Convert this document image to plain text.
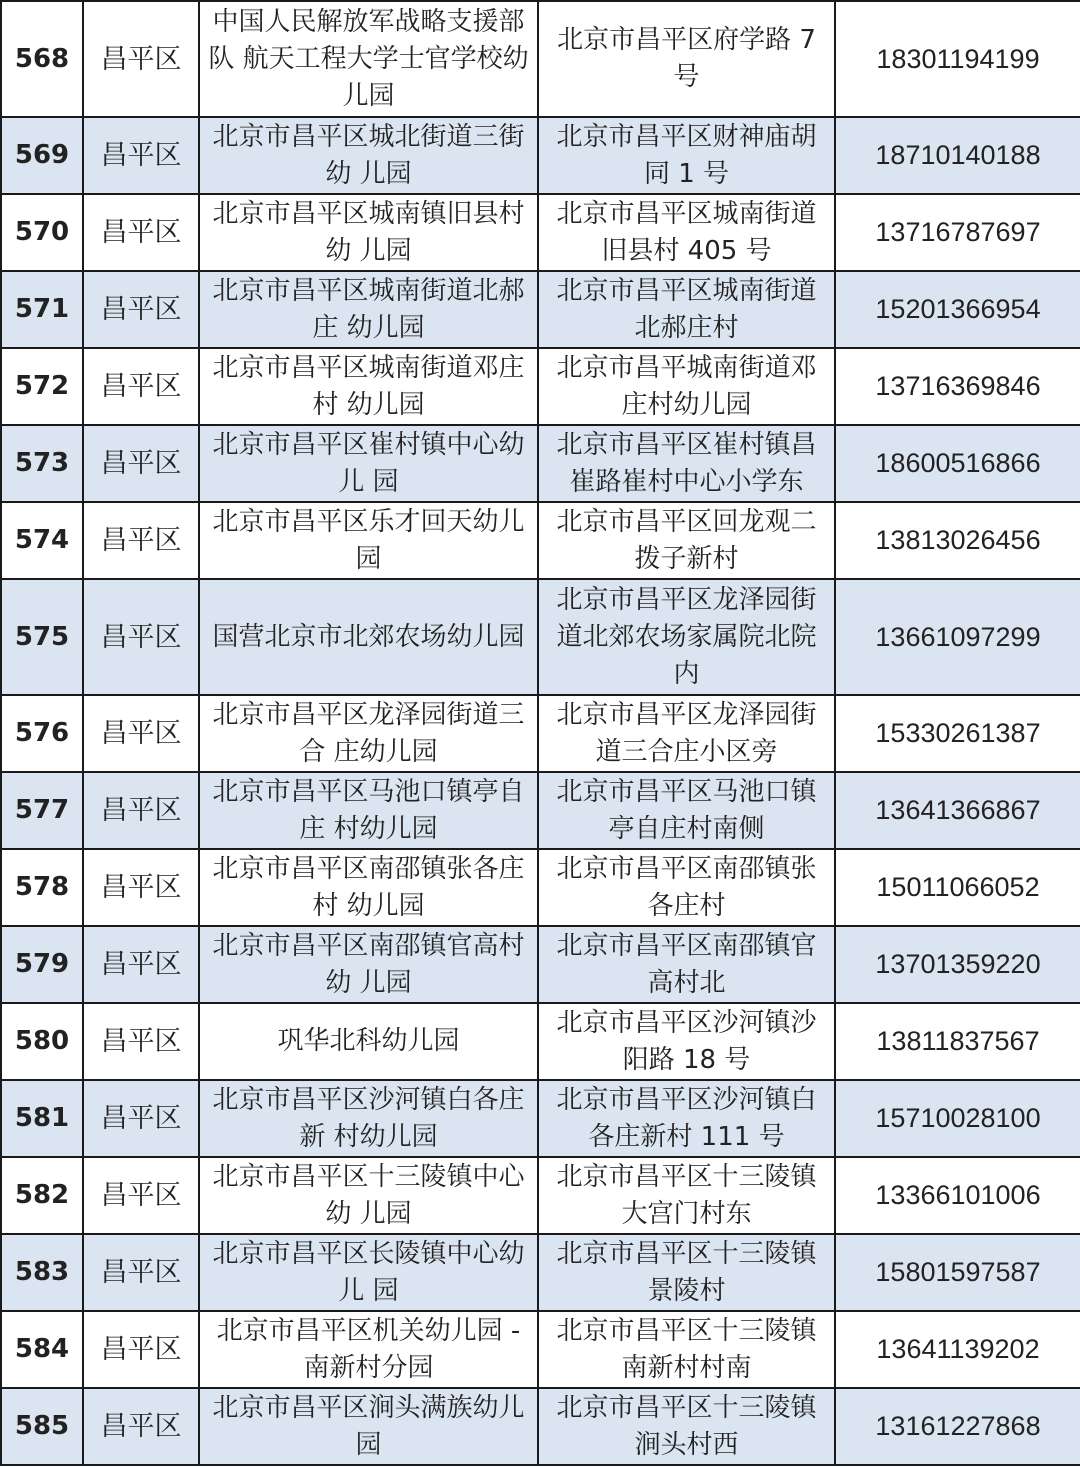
568	昌平区	中国人民解放军战略支援部队 航天工程大学士官学校幼儿园	北京市昌平区府学路 7 号	18301194199
569	昌平区	北京市昌平区城北街道三街幼 儿园	北京市昌平区财神庙胡同 1 号	18710140188
570	昌平区	北京市昌平区城南镇旧县村幼 儿园	北京市昌平区城南街道旧县村 405 号	13716787697
571	昌平区	北京市昌平区城南街道北郝庄 幼儿园	北京市昌平区城南街道北郝庄村	15201366954
572	昌平区	北京市昌平区城南街道邓庄村 幼儿园	北京市昌平城南街道邓庄村幼儿园	13716369846
573	昌平区	北京市昌平区崔村镇中心幼儿 园	北京市昌平区崔村镇昌崔路崔村中心小学东	18600516866
574	昌平区	北京市昌平区乐才回天幼儿园	北京市昌平区回龙观二拨子新村	13813026456
575	昌平区	国营北京市北郊农场幼儿园	北京市昌平区龙泽园街道北郊农场家属院北院内	13661097299
576	昌平区	北京市昌平区龙泽园街道三合 庄幼儿园	北京市昌平区龙泽园街道三合庄小区旁	15330261387
577	昌平区	北京市昌平区马池口镇亭自庄 村幼儿园	北京市昌平区马池口镇亭自庄村南侧	13641366867
578	昌平区	北京市昌平区南邵镇张各庄村 幼儿园	北京市昌平区南邵镇张各庄村	15011066052
579	昌平区	北京市昌平区南邵镇官高村幼 儿园	北京市昌平区南邵镇官高村北	13701359220
580	昌平区	巩华北科幼儿园	北京市昌平区沙河镇沙阳路 18 号	13811837567
581	昌平区	北京市昌平区沙河镇白各庄新 村幼儿园	北京市昌平区沙河镇白各庄新村 111 号	15710028100
582	昌平区	北京市昌平区十三陵镇中心幼 儿园	北京市昌平区十三陵镇大宫门村东	13366101006
583	昌平区	北京市昌平区长陵镇中心幼儿 园	北京市昌平区十三陵镇景陵村	15801597587
584	昌平区	北京市昌平区机关幼儿园 - 南新村分园	北京市昌平区十三陵镇南新村村南	13641139202
585	昌平区	北京市昌平区涧头满族幼儿园	北京市昌平区十三陵镇涧头村西	13161227868
